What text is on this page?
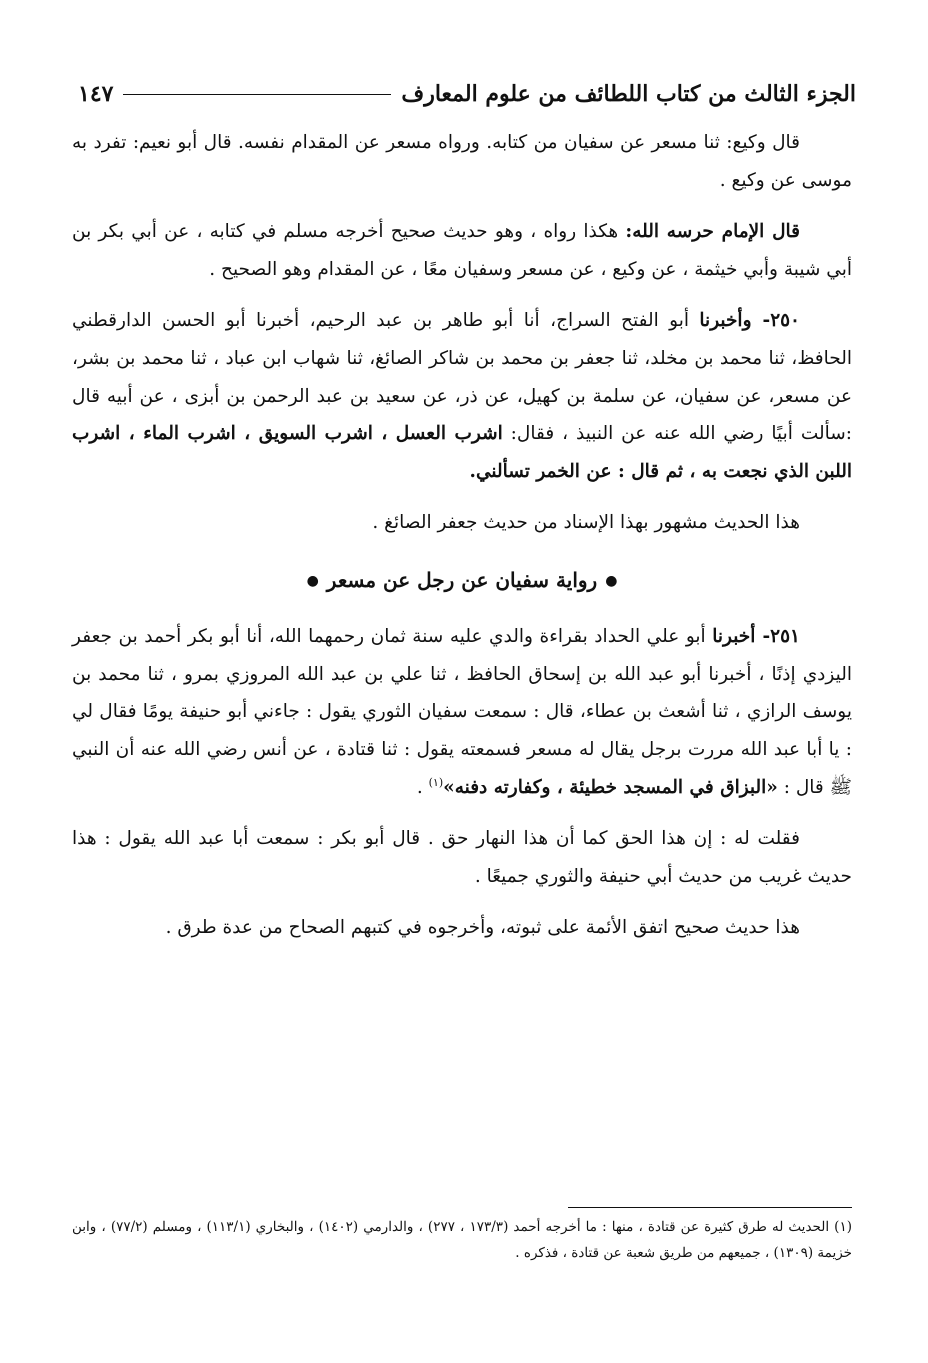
الجزء الثالث من كتاب اللطائف من علوم المعارف
١٤٧

قال وكيع: ثنا مسعر عن سفيان من كتابه. ورواه مسعر عن المقدام نفسه. قال أبو نعيم: تفرد به موسى عن وكيع .

قال الإمام حرسه الله: هكذا رواه ، وهو حديث صحيح أخرجه مسلم في كتابه ، عن أبي بكر بن أبي شيبة وأبي خيثمة ، عن وكيع ، عن مسعر وسفيان معًا ، عن المقدام وهو الصحيح .

٢٥٠- وأخبرنا أبو الفتح السراج، أنا أبو طاهر بن عبد الرحيم، أخبرنا أبو الحسن الدارقطني الحافظ، ثنا محمد بن مخلد، ثنا جعفر بن محمد بن شاكر الصائغ، ثنا شهاب ابن عباد ، ثنا محمد بن بشر، عن مسعر، عن سفيان، عن سلمة بن كهيل، عن ذر، عن سعيد بن عبد الرحمن بن أبزى ، عن أبيه قال :سألت أبيًا رضي الله عنه عن النبيذ ، فقال: اشرب العسل ، اشرب السويق ، اشرب الماء ، اشرب اللبن الذي نجعت به ، ثم قال : عن الخمر تسألني.

هذا الحديث مشهور بهذا الإسناد من حديث جعفر الصائغ .

●رواية سفيان عن رجل عن مسعر●

٢٥١- أخبرنا أبو علي الحداد بقراءة والدي عليه سنة ثمان رحمهما الله، أنا أبو بكر أحمد بن جعفر اليزدي إذنًا ، أخبرنا أبو عبد الله بن إسحاق الحافظ ، ثنا علي بن عبد الله المروزي بمرو ، ثنا محمد بن يوسف الرازي ، ثنا أشعث بن عطاء، قال : سمعت سفيان الثوري يقول : جاءني أبو حنيفة يومًا فقال لي : يا أبا عبد الله مررت برجل يقال له مسعر فسمعته يقول : ثنا قتادة ، عن أنس رضي الله عنه أن النبي ﷺ قال : «البزاق في المسجد خطيئة ، وكفارته دفنه»$^{(١)}$ .

فقلت له : إن هذا الحق كما أن هذا النهار حق . قال أبو بكر : سمعت أبا عبد الله يقول : هذا حديث غريب من حديث أبي حنيفة والثوري جميعًا .

هذا حديث صحيح اتفق الأئمة على ثبوته، وأخرجوه في كتبهم الصحاح من عدة طرق .

(١) الحديث له طرق كثيرة عن قتادة ، منها : ما أخرجه أحمد (١٧٣/٣ ، ٢٧٧) ، والدارمي (١٤٠٢) ، والبخاري (١١٣/١) ، ومسلم (٧٧/٢) ، وابن خزيمة (١٣٠٩) ، جميعهم من طريق شعبة عن قتادة ، فذكره .
